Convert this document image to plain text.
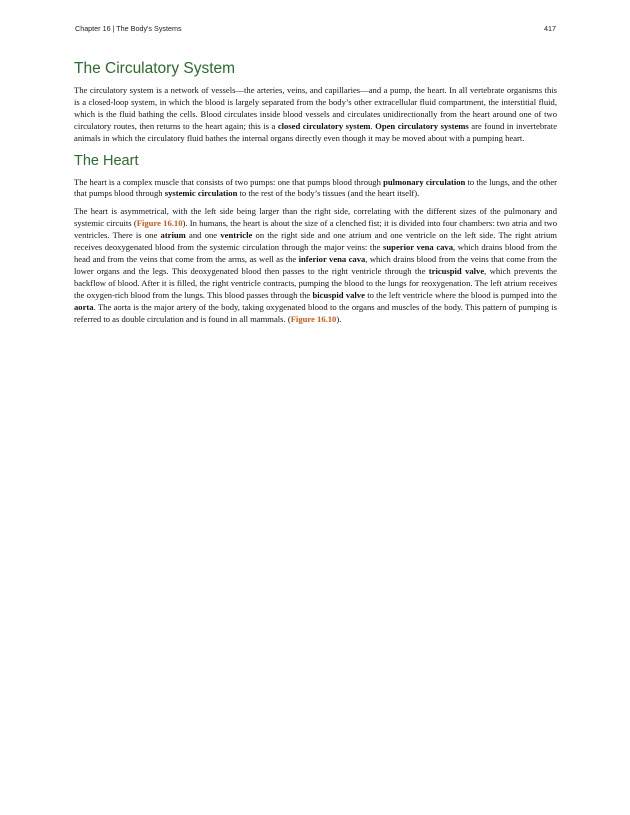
Chapter 16 | The Body's Systems	417
The Circulatory System

The circulatory system is a network of vessels—the arteries, veins, and capillaries—and a pump, the heart. In all vertebrate organisms this is a closed-loop system, in which the blood is largely separated from the body’s other extracellular fluid compartment, the interstitial fluid, which is the fluid bathing the cells. Blood circulates inside blood vessels and circulates unidirectionally from the heart around one of two circulatory routes, then returns to the heart again; this is a closed circulatory system. Open circulatory systems are found in invertebrate animals in which the circulatory fluid bathes the internal organs directly even though it may be moved about with a pumping heart.

The Heart

The heart is a complex muscle that consists of two pumps: one that pumps blood through pulmonary circulation to the lungs, and the other that pumps blood through systemic circulation to the rest of the body’s tissues (and the heart itself).

The heart is asymmetrical, with the left side being larger than the right side, correlating with the different sizes of the pulmonary and systemic circuits (Figure 16.10). In humans, the heart is about the size of a clenched fist; it is divided into four chambers: two atria and two ventricles. There is one atrium and one ventricle on the right side and one atrium and one ventricle on the left side. The right atrium receives deoxygenated blood from the systemic circulation through the major veins: the superior vena cava, which drains blood from the head and from the veins that come from the arms, as well as the inferior vena cava, which drains blood from the veins that come from the lower organs and the legs. This deoxygenated blood then passes to the right ventricle through the tricuspid valve, which prevents the backflow of blood. After it is filled, the right ventricle contracts, pumping the blood to the lungs for reoxygenation. The left atrium receives the oxygen-rich blood from the lungs. This blood passes through the bicuspid valve to the left ventricle where the blood is pumped into the aorta. The aorta is the major artery of the body, taking oxygenated blood to the organs and muscles of the body. This pattern of pumping is referred to as double circulation and is found in all mammals. (Figure 16.10).
